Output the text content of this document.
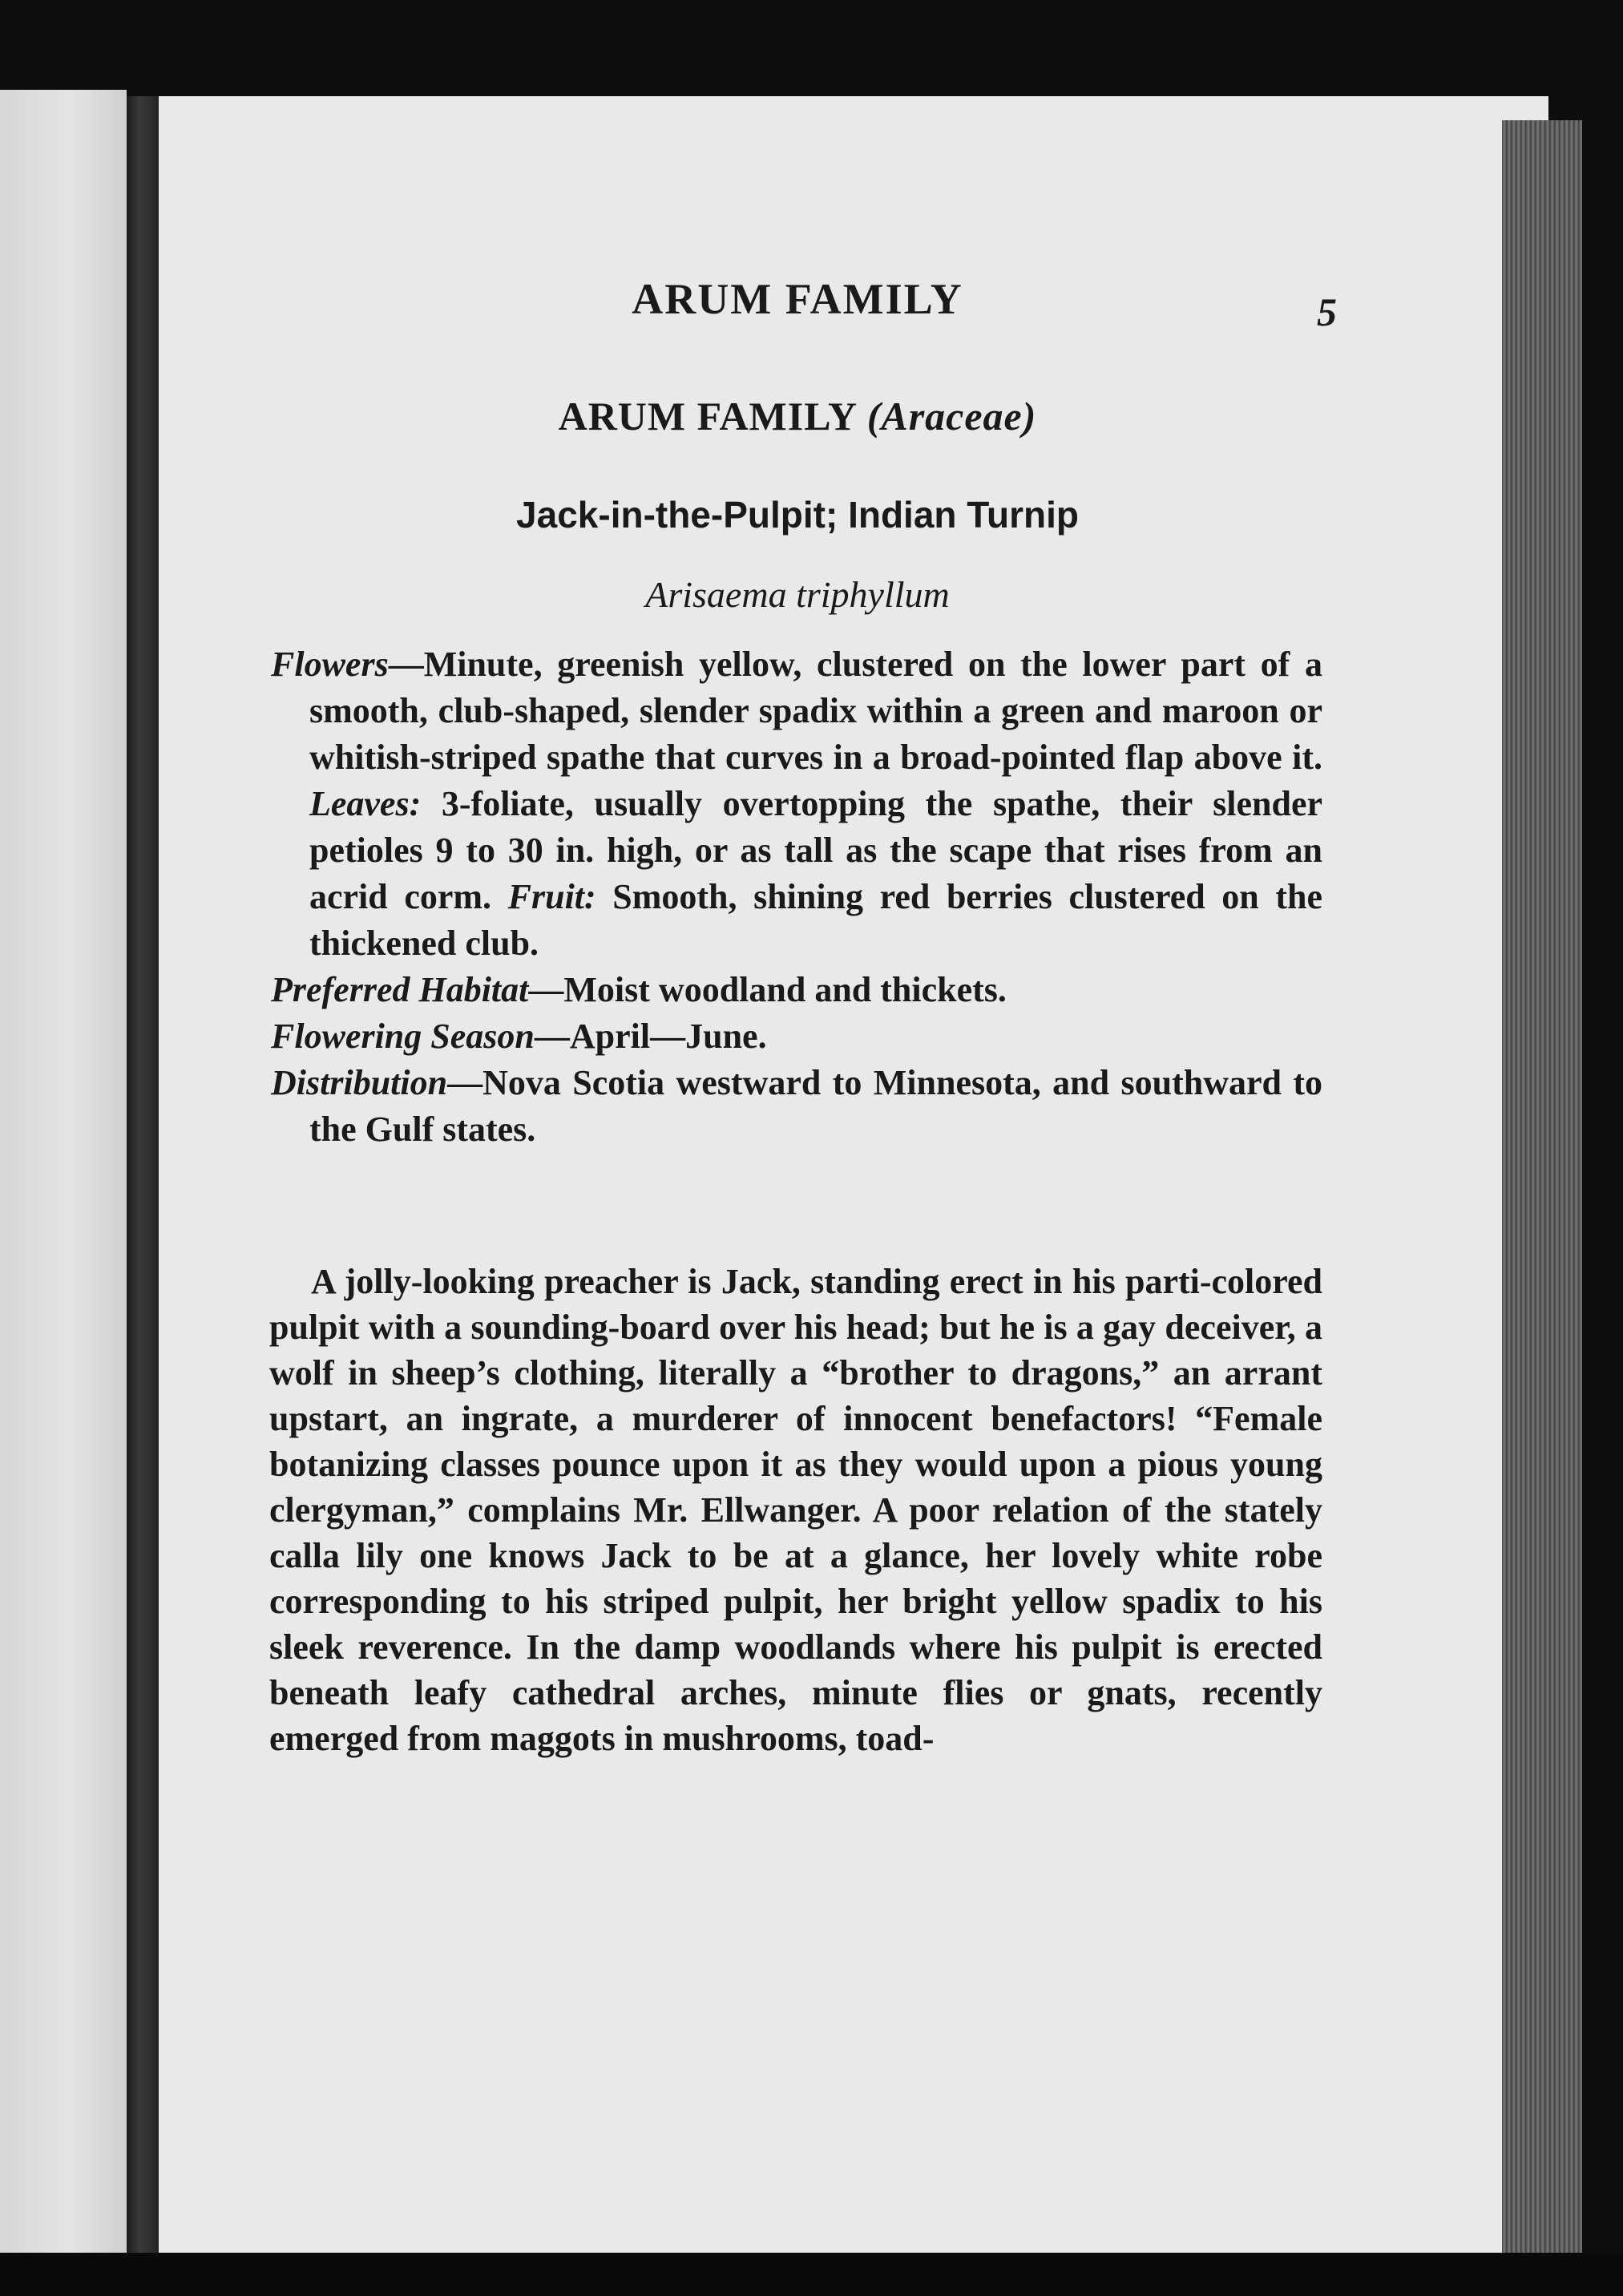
ARUM FAMILY	5
ARUM FAMILY (Araceae)
Jack-in-the-Pulpit; Indian Turnip
Arisaema triphyllum

Flowers—Minute, greenish yellow, clustered on the lower part of a smooth, club-shaped, slender spadix within a green and maroon or whitish-striped spathe that curves in a broad-pointed flap above it. Leaves: 3-foliate, usually overtopping the spathe, their slender petioles 9 to 30 in. high, or as tall as the scape that rises from an acrid corm. Fruit: Smooth, shining red berries clustered on the thickened club.

Preferred Habitat—Moist woodland and thickets.

Flowering Season—April—June.

Distribution—Nova Scotia westward to Minnesota, and southward to the Gulf states.

A jolly-looking preacher is Jack, standing erect in his parti-colored pulpit with a sounding-board over his head; but he is a gay deceiver, a wolf in sheep’s clothing, literally a “brother to dragons,” an arrant upstart, an ingrate, a murderer of innocent benefactors! “Female botanizing classes pounce upon it as they would upon a pious young clergyman,” complains Mr. Ellwanger. A poor relation of the stately calla lily one knows Jack to be at a glance, her lovely white robe corresponding to his striped pulpit, her bright yellow spadix to his sleek reverence. In the damp woodlands where his pulpit is erected beneath leafy cathedral arches, minute flies or gnats, recently emerged from maggots in mushrooms, toad-
